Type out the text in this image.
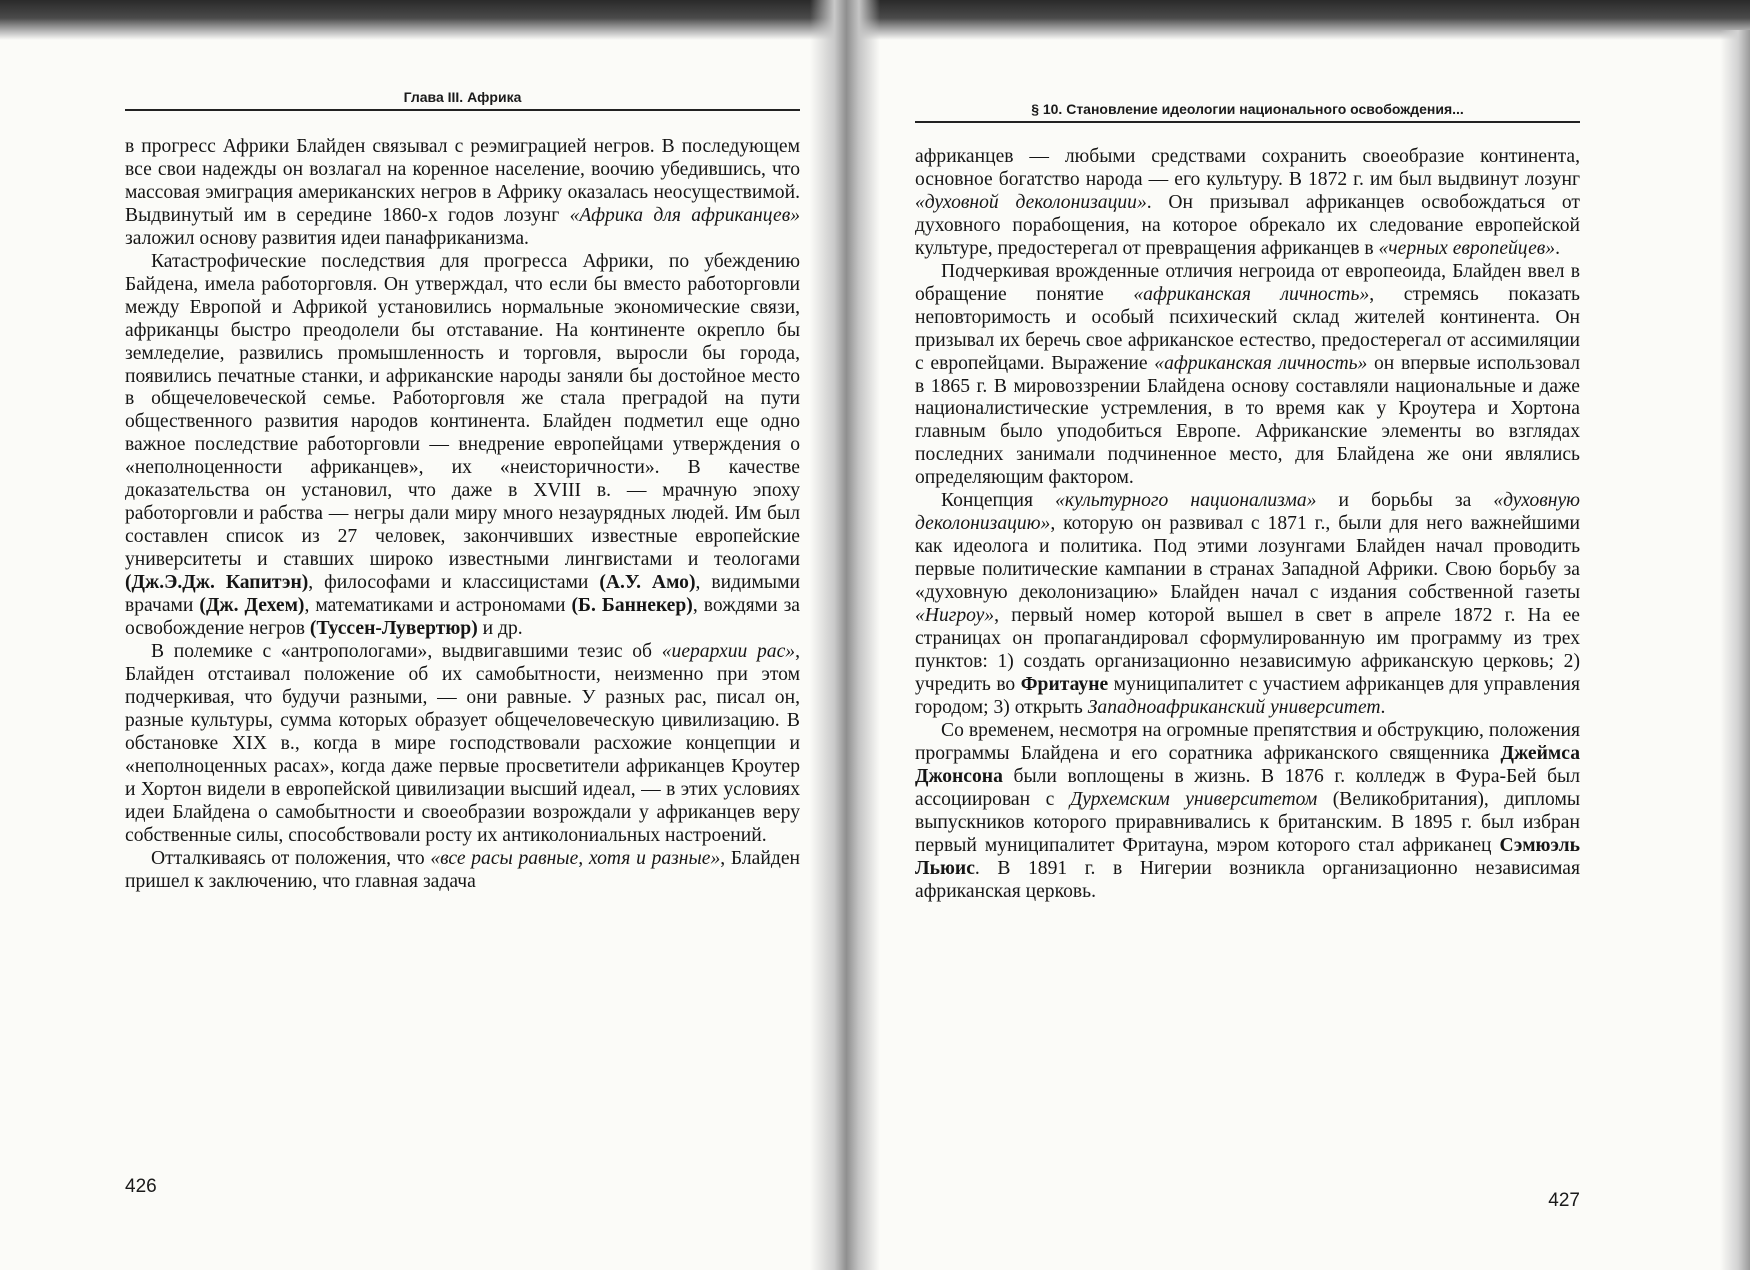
Глава III. Африка

в прогресс Африки Блайден связывал с реэмиграцией негров. В последующем все свои надежды он возлагал на коренное население, воочию убедившись, что массовая эмиграция американских негров в Африку оказалась неосуществимой. Выдвинутый им в середине 1860-х годов лозунг «Африка для африканцев» заложил основу развития идеи панафриканизма.

Катастрофические последствия для прогресса Африки, по убеждению Байдена, имела работорговля. Он утверждал, что если бы вместо работорговли между Европой и Африкой установились нормальные экономические связи, африканцы быстро преодолели бы отставание. На континенте окрепло бы земледелие, развились промышленность и торговля, выросли бы города, появились печатные станки, и африканские народы заняли бы достойное место в общечеловеческой семье. Работорговля же стала преградой на пути общественного развития народов континента. Блайден подметил еще одно важное последствие работорговли — внедрение европейцами утверждения о «неполноценности африканцев», их «неисторичности». В качестве доказательства он установил, что даже в XVIII в. — мрачную эпоху работорговли и рабства — негры дали миру много незаурядных людей. Им был составлен список из 27 человек, закончивших известные европейские университеты и ставших широко известными лингвистами и теологами (Дж.Э.Дж. Капитэн), философами и классицистами (А.У. Амо), видимыми врачами (Дж. Дехем), математиками и астрономами (Б. Баннекер), вождями за освобождение негров (Туссен-Лувертюр) и др.

В полемике с «антропологами», выдвигавшими тезис об «иерархии рас», Блайден отстаивал положение об их самобытности, неизменно при этом подчеркивая, что будучи разными, — они равные. У разных рас, писал он, разные культуры, сумма которых образует общечеловеческую цивилизацию. В обстановке XIX в., когда в мире господствовали расхожие концепции и «неполноценных расах», когда даже первые просветители африканцев Кроутер и Хортон видели в европейской цивилизации высший идеал, — в этих условиях идеи Блайдена о самобытности и своеобразии возрождали у африканцев веру собственные силы, способствовали росту их антиколониальных настроений.

Отталкиваясь от положения, что «все расы равные, хотя и разные», Блайден пришел к заключению, что главная задача

426
§ 10. Становление идеологии национального освобождения...

африканцев — любыми средствами сохранить своеобразие континента, основное богатство народа — его культуру. В 1872 г. им был выдвинут лозунг «духовной деколонизации». Он призывал африканцев освобождаться от духовного порабощения, на которое обрекало их следование европейской культуре, предостерегал от превращения африканцев в «черных европейцев».

Подчеркивая врожденные отличия негроида от европеоида, Блайден ввел в обращение понятие «африканская личность», стремясь показать неповторимость и особый психический склад жителей континента. Он призывал их беречь свое африканское естество, предостерегал от ассимиляции с европейцами. Выражение «африканская личность» он впервые использовал в 1865 г. В мировоззрении Блайдена основу составляли национальные и даже националистические устремления, в то время как у Кроутера и Хортона главным было уподобиться Европе. Африканские элементы во взглядах последних занимали подчиненное место, для Блайдена же они являлись определяющим фактором.

Концепция «культурного национализма» и борьбы за «духовную деколонизацию», которую он развивал с 1871 г., были для него важнейшими как идеолога и политика. Под этими лозунгами Блайден начал проводить первые политические кампании в странах Западной Африки. Свою борьбу за «духовную деколонизацию» Блайден начал с издания собственной газеты «Нигроу», первый номер которой вышел в свет в апреле 1872 г. На ее страницах он пропагандировал сформулированную им программу из трех пунктов: 1) создать организационно независимую африканскую церковь; 2) учредить во Фритауне муниципалитет с участием африканцев для управления городом; 3) открыть Западноафриканский университет.

Со временем, несмотря на огромные препятствия и обструкцию, положения программы Блайдена и его соратника африканского священника Джеймса Джонсона были воплощены в жизнь. В 1876 г. колледж в Фура-Бей был ассоциирован с Дурхемским университетом (Великобритания), дипломы выпускников которого приравнивались к британским. В 1895 г. был избран первый муниципалитет Фритауна, мэром которого стал африканец Сэмюэль Льюис. В 1891 г. в Нигерии возникла организационно независимая африканская церковь.

427
